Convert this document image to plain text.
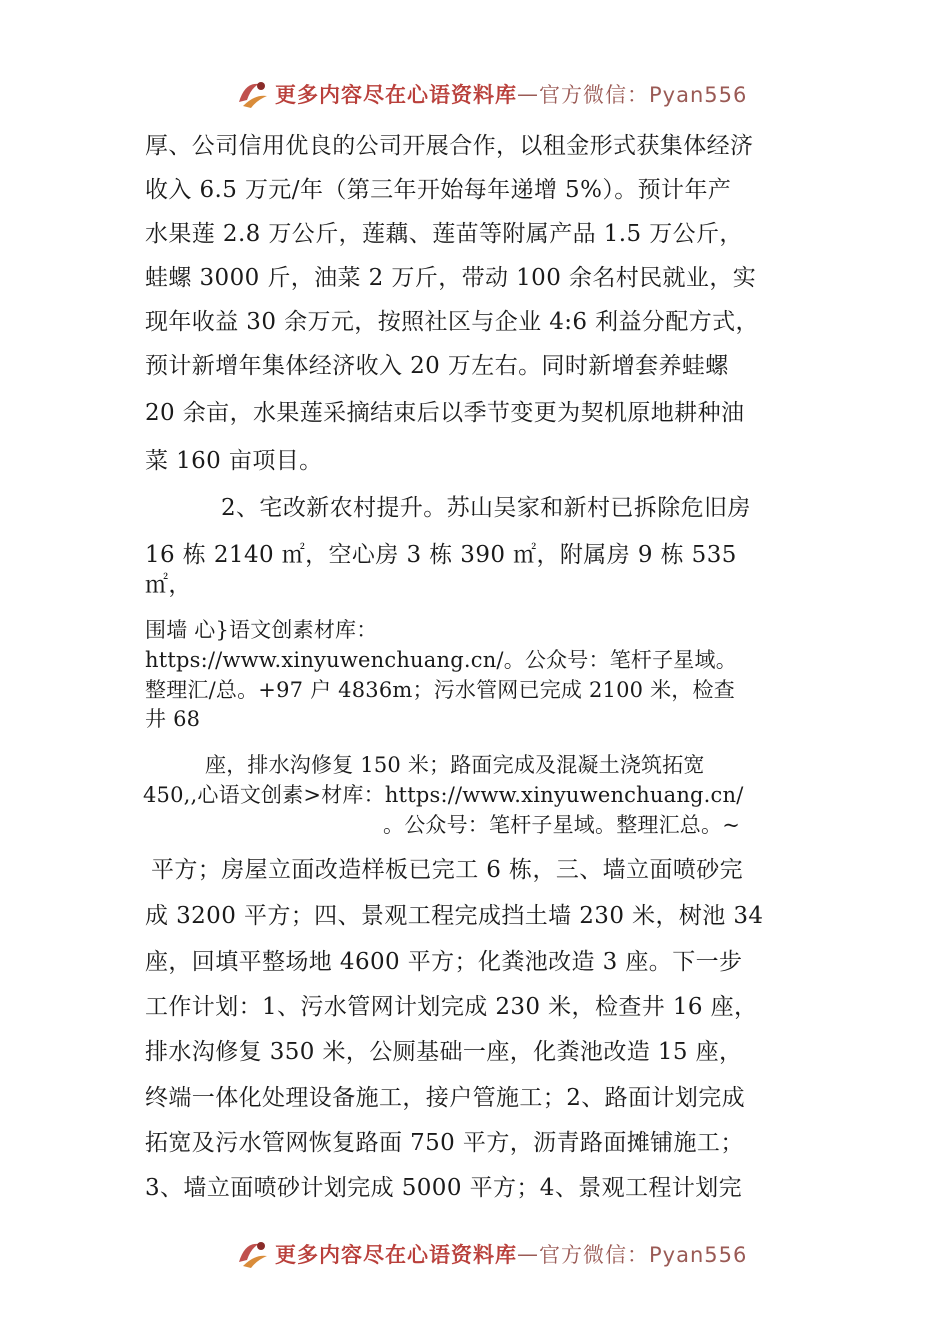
更多内容尽在心语资料库 — 官方微信：Pyan556
厚、公司信用优良的公司开展合作，以租金形式获集体经济
收入 6.5 万元/年（第三年开始每年递增 5%）。预计年产
水果莲 2.8 万公斤，莲藕、莲苗等附属产品 1.5 万公斤，
蛙螺 3000 斤，油菜 2 万斤，带动 100 余名村民就业，实
现年收益 30 余万元，按照社区与企业 4:6 利益分配方式，
预计新增年集体经济收入 20 万左右。同时新增套养蛙螺
20 余亩，水果莲采摘结束后以季节变更为契机原地耕种油
菜 160 亩项目。
2、宅改新农村提升。苏山吴家和新村已拆除危旧房
16 栋 2140 ㎡，空心房 3 栋 390 ㎡，附属房 9 栋 535
㎡，
围墙 心}语文创素材库：
https://www.xinyuwenchuang.cn/。公众号：笔杆子星域。
整理汇/总。+97 户 4836m；污水管网已完成 2100 米，检查
井 68
座，排水沟修复 150 米；路面完成及混凝土浇筑拓宽
450,,心语文创素>材库：https://www.xinyuwenchuang.cn/
。公众号：笔杆子星域。整理汇总。~
平方；房屋立面改造样板已完工 6 栋，三、墙立面喷砂完
成 3200 平方；四、景观工程完成挡土墙 230 米，树池 34
座，回填平整场地 4600 平方；化粪池改造 3 座。下一步
工作计划：1、污水管网计划完成 230 米，检查井 16 座，
排水沟修复 350 米，公厕基础一座，化粪池改造 15 座，
终端一体化处理设备施工，接户管施工；2、路面计划完成
拓宽及污水管网恢复路面 750 平方，沥青路面摊铺施工；
3、墙立面喷砂计划完成 5000 平方；4、景观工程计划完
更多内容尽在心语资料库 — 官方微信：Pyan556
